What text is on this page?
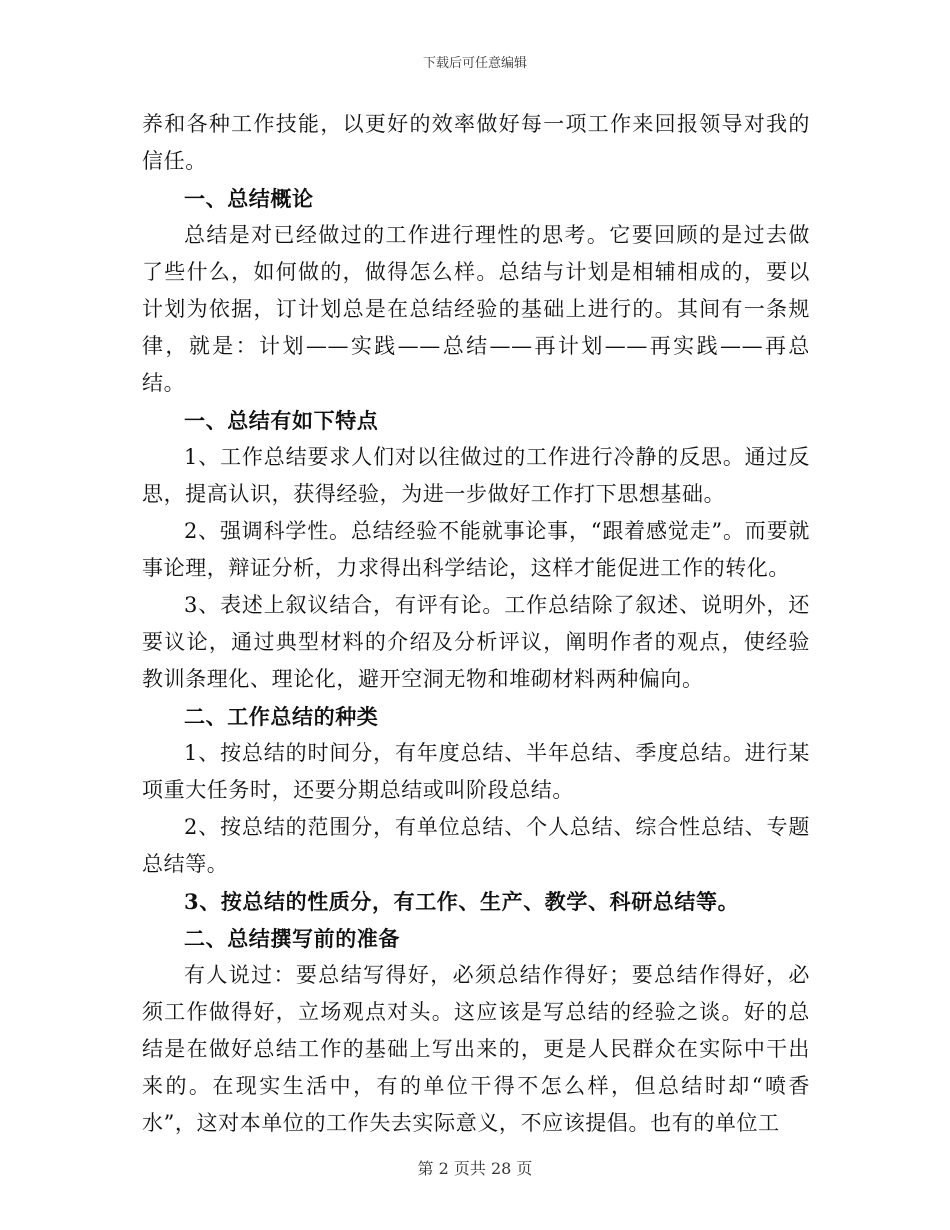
下载后可任意编辑

养和各种工作技能，以更好的效率做好每一项工作来回报领导对我的信任。

一、总结概论

总结是对已经做过的工作进行理性的思考。它要回顾的是过去做了些什么，如何做的，做得怎么样。总结与计划是相辅相成的，要以计划为依据，订计划总是在总结经验的基础上进行的。其间有一条规律，就是：计划——实践——总结——再计划——再实践——再总结。

一、总结有如下特点

1、工作总结要求人们对以往做过的工作进行冷静的反思。通过反思，提高认识，获得经验，为进一步做好工作打下思想基础。

2、强调科学性。总结经验不能就事论事，“跟着感觉走”。而要就事论理，辩证分析，力求得出科学结论，这样才能促进工作的转化。

3、表述上叙议结合，有评有论。工作总结除了叙述、说明外，还要议论，通过典型材料的介绍及分析评议，阐明作者的观点，使经验教训条理化、理论化，避开空洞无物和堆砌材料两种偏向。

二、工作总结的种类

1、按总结的时间分，有年度总结、半年总结、季度总结。进行某项重大任务时，还要分期总结或叫阶段总结。

2、按总结的范围分，有单位总结、个人总结、综合性总结、专题总结等。

3、按总结的性质分，有工作、生产、教学、科研总结等。

二、总结撰写前的准备

有人说过：要总结写得好，必须总结作得好；要总结作得好，必须工作做得好，立场观点对头。这应该是写总结的经验之谈。好的总结是在做好总结工作的基础上写出来的，更是人民群众在实际中干出来的。在现实生活中，有的单位干得不怎么样，但总结时却“喷香水”，这对本单位的工作失去实际意义，不应该提倡。也有的单位工

第 2 页共 28 页
